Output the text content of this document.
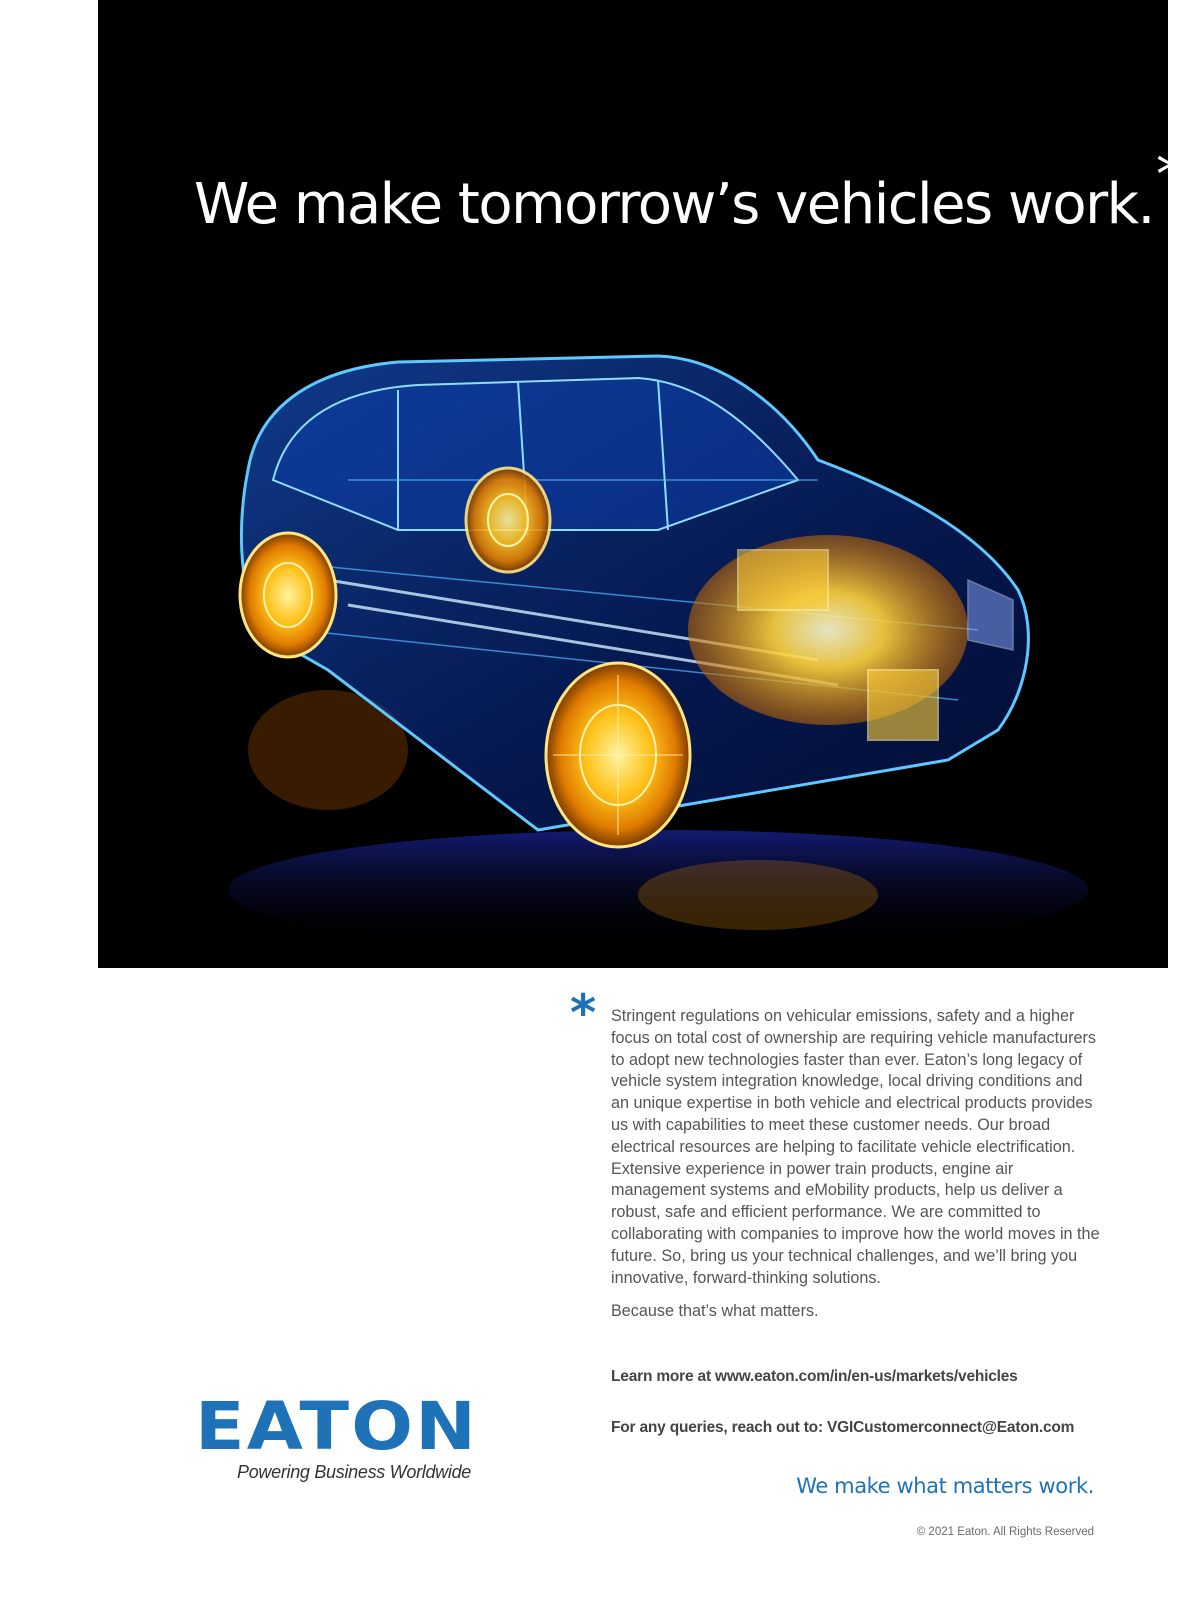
We make tomorrow’s vehicles work.*
* Stringent regulations on vehicular emissions, safety and a higher focus on total cost of ownership are requiring vehicle manufacturers to adopt new technologies faster than ever. Eaton’s long legacy of vehicle system integration knowledge, local driving conditions and an unique expertise in both vehicle and electrical products provides us with capabilities to meet these customer needs. Our broad electrical resources are helping to facilitate vehicle electrification. Extensive experience in power train products, engine air management systems and eMobility products, help us deliver a robust, safe and efficient performance. We are committed to collaborating with companies to improve how the world moves in the future. So, bring us your technical challenges, and we’ll bring you innovative, forward-thinking solutions.

Because that’s what matters.

Learn more at www.eaton.com/in/en-us/markets/vehicles

For any queries, reach out to: VGICustomerconnect@Eaton.com

EATON

Powering Business Worldwide

We make what matters work.

© 2021 Eaton. All Rights Reserved
